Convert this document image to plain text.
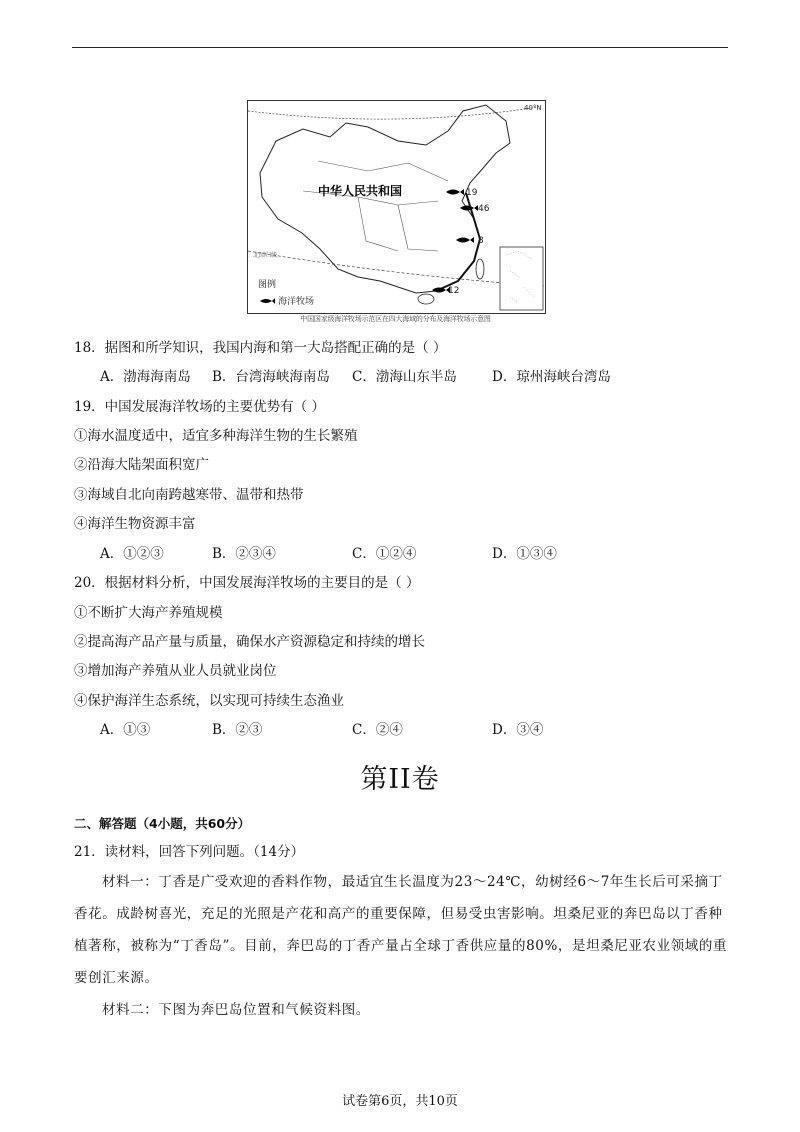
40°N
北回归线
中华人民共和国	19
46
8
12
图例
海洋牧场
中国国家级海洋牧场示范区在四大海域的分布及海洋牧场示意图
18．据图和所学知识，我国内海和第一大岛搭配正确的是（ ）
A．渤海海南岛 B．台湾海峡海南岛 C．渤海山东半岛	D．琼州海峡台湾岛
19．中国发展海洋牧场的主要优势有（ ）
①海水温度适中，适宜多种海洋生物的生长繁殖
②沿海大陆架面积宽广
③海域自北向南跨越寒带、温带和热带
④海洋生物资源丰富
A．①②③	B．②③④	C．①②④	D．①③④
20．根据材料分析，中国发展海洋牧场的主要目的是（ ）
①不断扩大海产养殖规模
②提高海产品产量与质量，确保水产资源稳定和持续的增长
③增加海产养殖从业人员就业岗位
④保护海洋生态系统，以实现可持续生态渔业
A．①③	B．②③	C．②④	D．③④
第II卷
二、解答题（4小题，共60分）
21．读材料，回答下列问题。（14分）
材料一：丁香是广受欢迎的香料作物，最适宜生长温度为23～24℃，幼树经6～7年生长后可采摘丁香花。成龄树喜光，充足的光照是产花和高产的重要保障，但易受虫害影响。坦桑尼亚的奔巴岛以丁香种植著称，被称为“丁香岛”。目前，奔巴岛的丁香产量占全球丁香供应量的80%，是坦桑尼亚农业领域的重要创汇来源。
材料二：下图为奔巴岛位置和气候资料图。
试卷第6页，共10页
